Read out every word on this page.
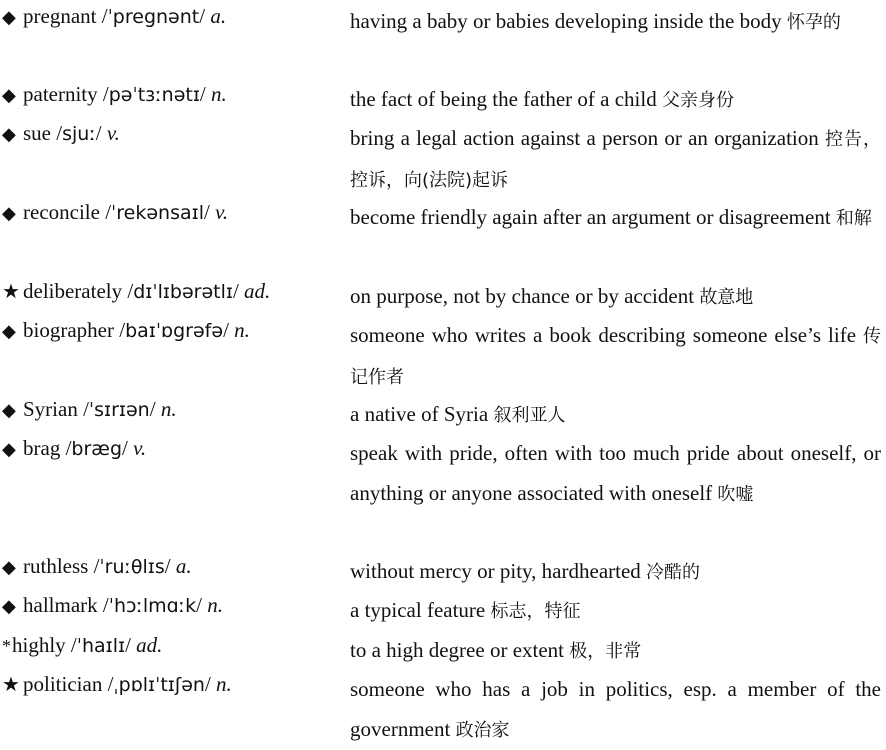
◆ pregnant /ˈpregnənt/ a.	having a baby or babies developing inside the body 怀孕的
◆ paternity /pəˈtɜːnətɪ/ n.	the fact of being the father of a child 父亲身份
◆ sue /sjuː/ v.	bring a legal action against a person or an organization 控告，控诉，向(法院)起诉
◆ reconcile /ˈrekənsaɪl/ v.	become friendly again after an argument or disagreement 和解
★ deliberately /dɪˈlɪbərətlɪ/ ad.	on purpose, not by chance or by accident 故意地
◆ biographer /baɪˈɒgrəfə/ n.	someone who writes a book describing someone else’s life 传记作者
◆ Syrian /ˈsɪrɪən/ n.	a native of Syria 叙利亚人
◆ brag /bræg/ v.	speak with pride, often with too much pride about oneself, or anything or anyone associated with oneself 吹嘘
◆ ruthless /ˈruːθlɪs/ a.	without mercy or pity, hardhearted 冷酷的
◆ hallmark /ˈhɔːlmɑːk/ n.	a typical feature 标志，特征
*highly /ˈhaɪlɪ/ ad.	to a high degree or extent 极，非常
★ politician /ˌpɒlɪˈtɪʃən/ n.	someone who has a job in politics, esp. a member of the government 政治家
